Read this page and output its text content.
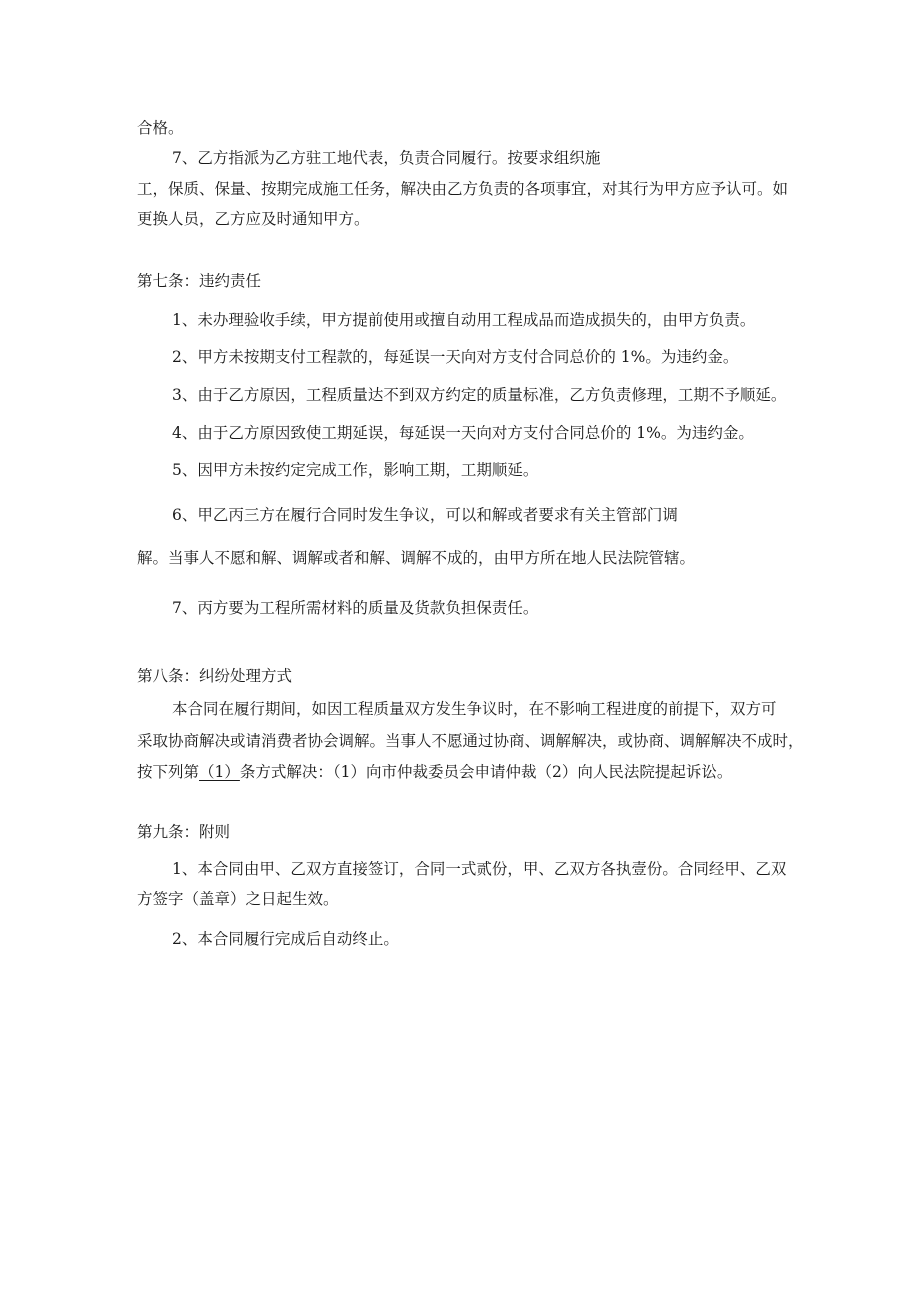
合格。
7、乙方指派为乙方驻工地代表，负责合同履行。按要求组织施
工，保质、保量、按期完成施工任务，解决由乙方负责的各项事宜，对其行为甲方应予认可。如
更换人员，乙方应及时通知甲方。
第七条：违约责任
1、未办理验收手续，甲方提前使用或擅自动用工程成品而造成损失的，由甲方负责。
2、甲方未按期支付工程款的，每延误一天向对方支付合同总价的 1%。为违约金。
3、由于乙方原因，工程质量达不到双方约定的质量标准，乙方负责修理，工期不予顺延。
4、由于乙方原因致使工期延误，每延误一天向对方支付合同总价的 1%。为违约金。
5、因甲方未按约定完成工作，影响工期，工期顺延。
6、甲乙丙三方在履行合同时发生争议，可以和解或者要求有关主管部门调
解。当事人不愿和解、调解或者和解、调解不成的，由甲方所在地人民法院管辖。
7、丙方要为工程所需材料的质量及货款负担保责任。
第八条：纠纷处理方式
本合同在履行期间，如因工程质量双方发生争议时，在不影响工程进度的前提下，双方可
采取协商解决或请消费者协会调解。当事人不愿通过协商、调解解决，或协商、调解解决不成时，
按下列第（1）条方式解决：（1）向市仲裁委员会申请仲裁（2）向人民法院提起诉讼。
第九条：附则
1、本合同由甲、乙双方直接签订，合同一式贰份，甲、乙双方各执壹份。合同经甲、乙双
方签字（盖章）之日起生效。
2、本合同履行完成后自动终止。
